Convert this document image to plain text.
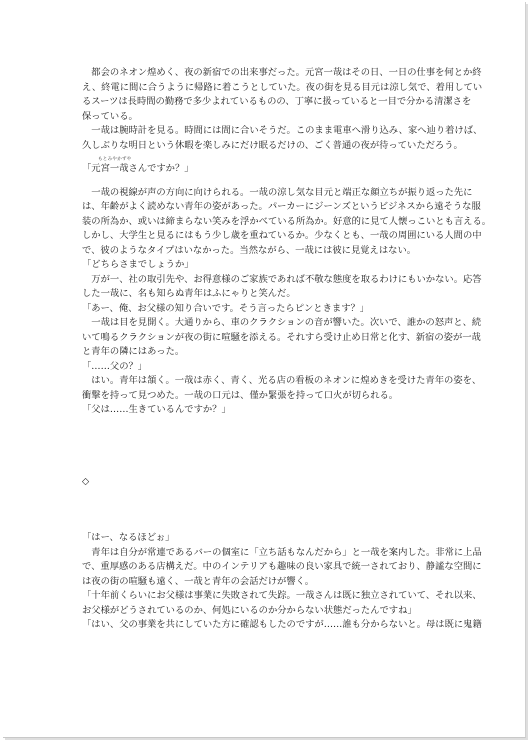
　都会のネオン煌めく、夜の新宿での出来事だった。元宮一哉はその日、一日の仕事を何とか終
え、終電に間に合うように帰路に着こうとしていた。夜の街を見る目元は涼し気で、着用してい
るスーツは長時間の勤務で多少よれているものの、丁寧に扱っていると一目で分かる清潔さを
保っている。
　一哉は腕時計を見る。時間には間に合いそうだ。このまま電車へ滑り込み、家へ辿り着けば、
久しぶりな明日という休暇を楽しみにだけ眠るだけの、ごく普通の夜が待っていただろう。
もとみやかずや
「元宮一哉さんですか？」
　一哉の視線が声の方向に向けられる。一哉の涼し気な目元と端正な顔立ちが振り返った先に
は、年齢がよく読めない青年の姿があった。パーカーにジーンズというビジネスから遠そうな服
装の所為か、或いは締まらない笑みを浮かべている所為か。好意的に見て人懐っこいとも言える。
しかし、大学生と見るにはもう少し歳を重ねているか。少なくとも、一哉の周囲にいる人間の中
で、彼のようなタイプはいなかった。当然ながら、一哉には彼に見覚えはない。
「どちらさまでしょうか」
　万が一、社の取引先や、お得意様のご家族であれば不敬な態度を取るわけにもいかない。応答
した一哉に、名も知らぬ青年はふにゃりと笑んだ。
「あー、俺、お父様の知り合いです。そう言ったらピンときます？」
　一哉は目を見開く。大通りから、車のクラクションの音が響いた。次いで、誰かの怒声と、続
いて鳴るクラクションが夜の街に喧騒を添える。それすら受け止め日常と化す、新宿の姿が一哉
と青年の隣にはあった。
「……父の？」
　はい。青年は頷く。一哉は赤く、青く、光る店の看板のネオンに煌めきを受けた青年の姿を、
衝撃を持って見つめた。一哉の口元は、僅か緊張を持って口火が切られる。
「父は……生きているんですか？」
◇
「はー、なるほどぉ」
　青年は自分が常連であるバーの個室に「立ち話もなんだから」と一哉を案内した。非常に上品
で、重厚感のある店構えだ。中のインテリアも趣味の良い家具で統一されており、静謐な空間に
は夜の街の喧騒も遠く、一哉と青年の会話だけが響く。
「十年前くらいにお父様は事業に失敗されて失踪。一哉さんは既に独立されていて、それ以来、
お父様がどうされているのか、何処にいるのか分からない状態だったんですね」
「はい、父の事業を共にしていた方に確認もしたのですが……誰も分からないと。母は既に鬼籍
